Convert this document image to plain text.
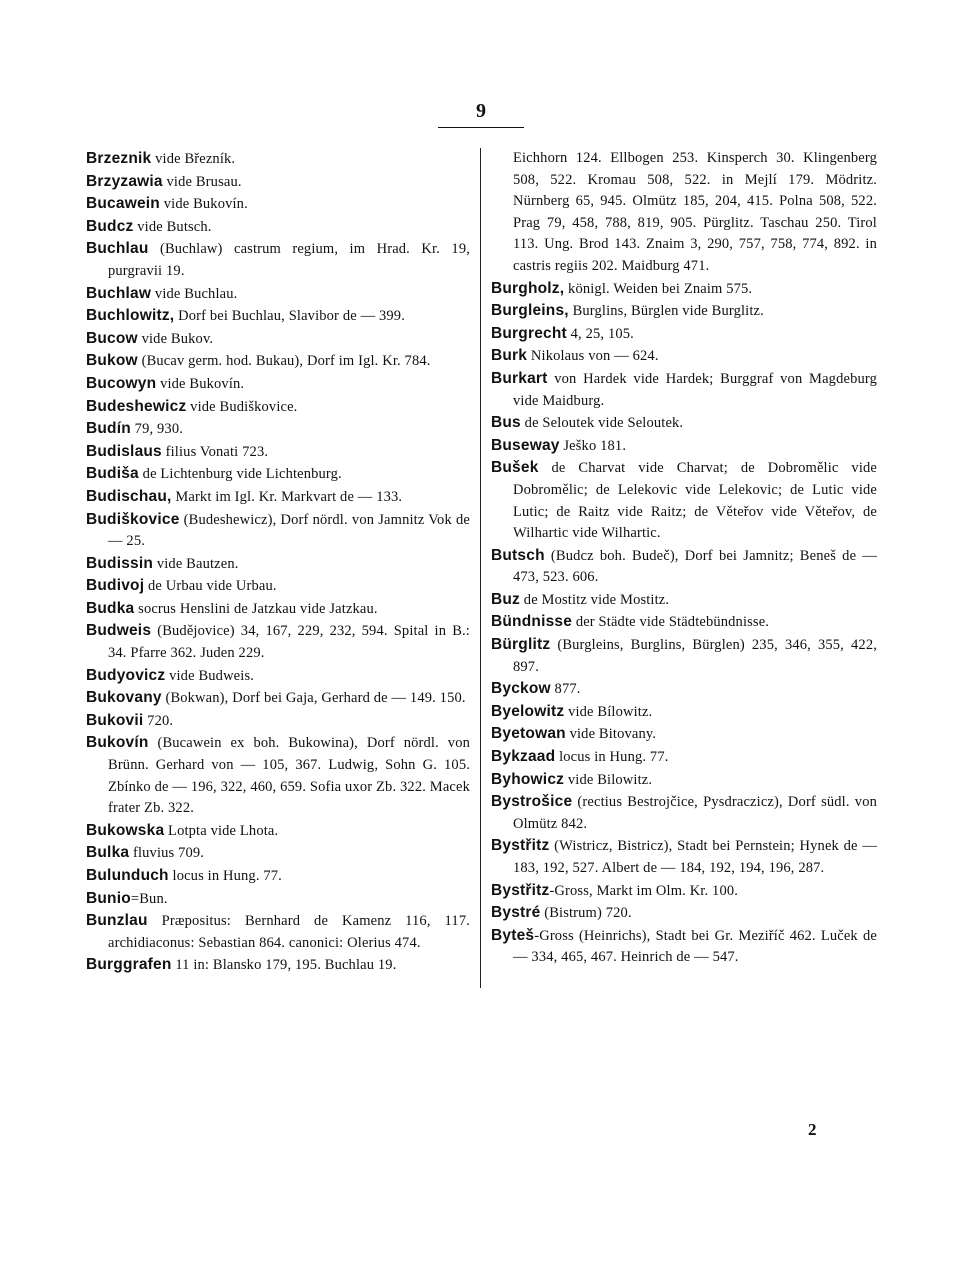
9
Brzeznik vide Březník.
Brzyzawia vide Brusau.
Bucawein vide Bukovín.
Budcz vide Butsch.
Buchlau (Buchlaw) castrum regium, im Hrad. Kr. 19, purgravii 19.
Buchlaw vide Buchlau.
Buchlowitz, Dorf bei Buchlau, Slavibor de — 399.
Bucow vide Bukov.
Bukow (Bucav germ. hod. Bukau), Dorf im Igl. Kr. 784.
Bucowyn vide Bukovín.
Budeshewicz vide Budiškovice.
Budín 79, 930.
Budislaus filius Vonati 723.
Budiša de Lichtenburg vide Lichtenburg.
Budischau, Markt im Igl. Kr. Markvart de — 133.
Budiškovice (Budeshewicz), Dorf nördl. von Jamnitz Vok de — 25.
Budissin vide Bautzen.
Budivoj de Urbau vide Urbau.
Budka socrus Henslini de Jatzkau vide Jatzkau.
Budweis (Budějovice) 34, 167, 229, 232, 594. Spital in B.: 34. Pfarre 362. Juden 229.
Budyovicz vide Budweis.
Bukovany (Bokwan), Dorf bei Gaja, Gerhard de — 149. 150.
Bukovii 720.
Bukovín (Bucawein ex boh. Bukowina), Dorf nördl. von Brünn. Gerhard von — 105, 367. Ludwig, Sohn G. 105. Zbínko de — 196, 322, 460, 659. Sofia uxor Zb. 322. Macek frater Zb. 322.
Bukowska Lotpta vide Lhota.
Bulka fluvius 709.
Bulunduch locus in Hung. 77.
Bunio=Bun.
Bunzlau Præpositus: Bernhard de Kamenz 116, 117. archidiaconus: Sebastian 864. canonici: Olerius 474.
Burggrafen 11 in: Blansko 179, 195. Buchlau 19.
Eichhorn 124. Ellbogen 253. Kinsperch 30. Klingenberg 508, 522. Kromau 508, 522. in Mejlí 179. Mödritz. Nürnberg 65, 945. Olmütz 185, 204, 415. Polna 508, 522. Prag 79, 458, 788, 819, 905. Pürglitz. Taschau 250. Tirol 113. Ung. Brod 143. Znaim 3, 290, 757, 758, 774, 892. in castris regiis 202. Maidburg 471.
Burgholz, königl. Weiden bei Znaim 575.
Burgleins, Burglins, Bürglen vide Burglitz.
Burgrecht 4, 25, 105.
Burk Nikolaus von — 624.
Burkart von Hardek vide Hardek; Burggraf von Magdeburg vide Maidburg.
Bus de Seloutek vide Seloutek.
Buseway Ješko 181.
Bušek de Charvat vide Charvat; de Dobromělic vide Dobromělic; de Lelekovic vide Lelekovic; de Lutic vide Lutic; de Raitz vide Raitz; de Věteřov vide Věteřov, de Wilhartic vide Wilhartic.
Butsch (Budcz boh. Budeč), Dorf bei Jamnitz; Beneš de — 473, 523. 606.
Buz de Mostitz vide Mostitz.
Bündnisse der Städte vide Städtebündnisse.
Bürglitz (Burgleins, Burglins, Bürglen) 235, 346, 355, 422, 897.
Byckow 877.
Byelowitz vide Bílowitz.
Byetowan vide Bitovany.
Bykzaad locus in Hung. 77.
Byhowicz vide Bilowitz.
Bystrošice (rectius Bestrojčice, Pysdraczicz), Dorf südl. von Olmütz 842.
Bystřitz (Wistricz, Bistricz), Stadt bei Pernstein; Hynek de — 183, 192, 527. Albert de — 184, 192, 194, 196, 287.
Bystřitz-Gross, Markt im Olm. Kr. 100.
Bystré (Bistrum) 720.
Byteš-Gross (Heinrichs), Stadt bei Gr. Meziříč 462. Luček de — 334, 465, 467. Heinrich de — 547.
2
